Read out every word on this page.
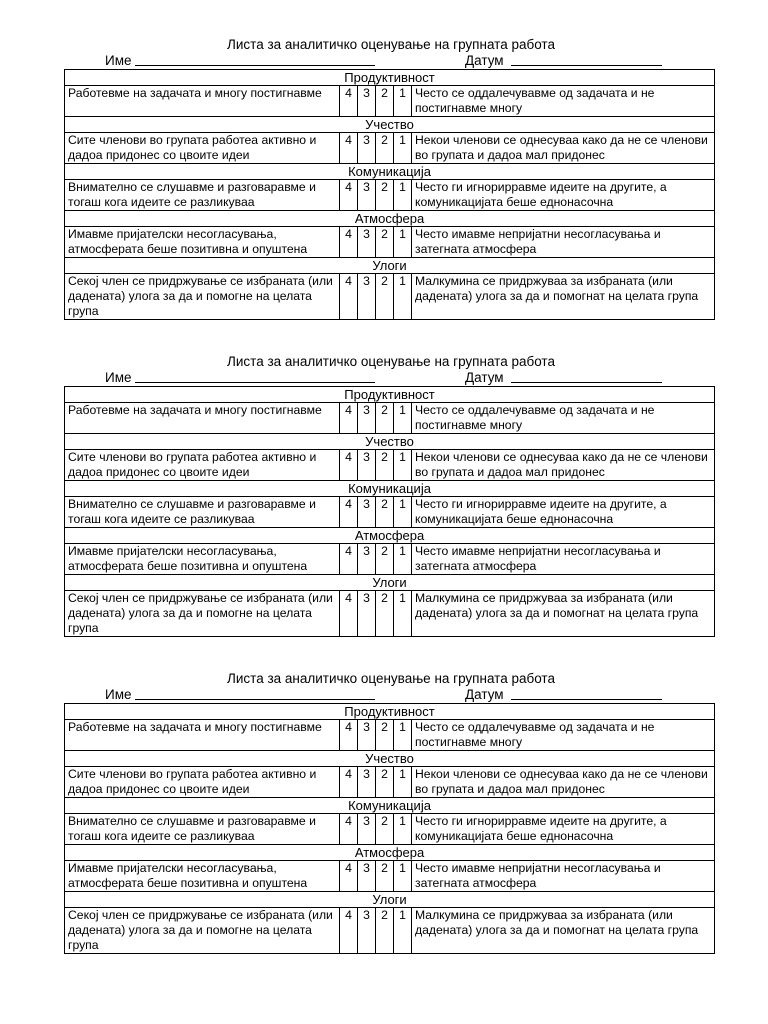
Листа за аналитичко оценување на групната работа
Име	Датум
Продуктивност					
Работевме на задачата и многу постигнавме	4	3	2	1	Често се оддалечувавме од задачата и не постигнавме многу
Учество					
Сите членови во групата работеа активно и дадоа придонес со цвоите идеи	4	3	2	1	Некои членови се однесуваа како да не се членови во групата и дадоа мал придонес
Комуникација					
Внимателно се слушавме и разговаравме и тогаш кога идеите се разликуваа	4	3	2	1	Често ги игнорирравме идеите на другите, а комуникацијата беше еднонасочна
Атмосфера					
Имавме пријателски несогласувања, атмосферата беше позитивна и опуштена	4	3	2	1	Често имавме непријатни несогласувања и затегната атмосфера
Улоги					
Секој член се придржување се избраната (или дадената) улога за да и помогне на целата група	4	3	2	1	Малкумина се придржуваа за избраната (или дадената) улога за да и помогнат на целата група
Листа за аналитичко оценување на групната работа
Име	Датум
Продуктивност					
Работевме на задачата и многу постигнавме	4	3	2	1	Често се оддалечувавме од задачата и не постигнавме многу
Учество					
Сите членови во групата работеа активно и дадоа придонес со цвоите идеи	4	3	2	1	Некои членови се однесуваа како да не се членови во групата и дадоа мал придонес
Комуникација					
Внимателно се слушавме и разговаравме и тогаш кога идеите се разликуваа	4	3	2	1	Често ги игнорирравме идеите на другите, а комуникацијата беше еднонасочна
Атмосфера					
Имавме пријателски несогласувања, атмосферата беше позитивна и опуштена	4	3	2	1	Често имавме непријатни несогласувања и затегната атмосфера
Улоги					
Секој член се придржување се избраната (или дадената) улога за да и помогне на целата група	4	3	2	1	Малкумина се придржуваа за избраната (или дадената) улога за да и помогнат на целата група
Листа за аналитичко оценување на групната работа
Име	Датум
Продуктивност					
Работевме на задачата и многу постигнавме	4	3	2	1	Често се оддалечувавме од задачата и не постигнавме многу
Учество					
Сите членови во групата работеа активно и дадоа придонес со цвоите идеи	4	3	2	1	Некои членови се однесуваа како да не се членови во групата и дадоа мал придонес
Комуникација					
Внимателно се слушавме и разговаравме и тогаш кога идеите се разликуваа	4	3	2	1	Често ги игнорирравме идеите на другите, а комуникацијата беше еднонасочна
Атмосфера					
Имавме пријателски несогласувања, атмосферата беше позитивна и опуштена	4	3	2	1	Често имавме непријатни несогласувања и затегната атмосфера
Улоги					
Секој член се придржување се избраната (или дадената) улога за да и помогне на целата група	4	3	2	1	Малкумина се придржуваа за избраната (или дадената) улога за да и помогнат на целата група
